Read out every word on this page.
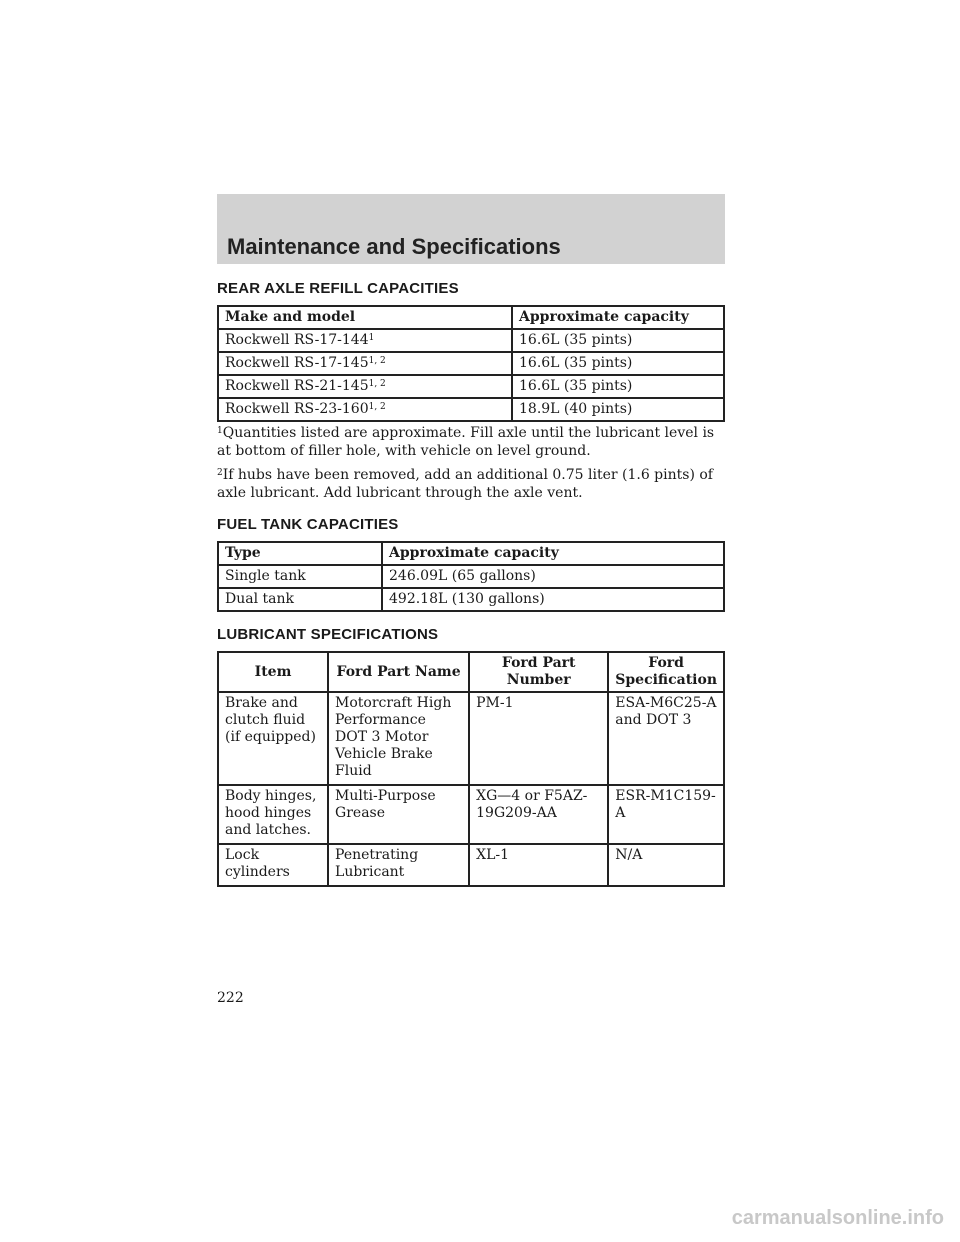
Maintenance and Specifications
REAR AXLE REFILL CAPACITIES
Make and model	Approximate capacity
Rockwell $RS-17-144^1$	16.6L (35 pints)
Rockwell RS-17-145$^{1, 2}$	16.6L (35 pints)
Rockwell RS-21-145$^{1, 2}$	16.6L (35 pints)
Rockwell RS-23-160$^{1, 2}$	18.9L (40 pints)

$^1$Quantities listed are approximate. Fill axle until the lubricant level is at bottom of filler hole, with vehicle on level ground.

$^2$If hubs have been removed, add an additional 0.75 liter (1.6 pints) of axle lubricant. Add lubricant through the axle vent.

FUEL TANK CAPACITIES
Type	Approximate capacity
Single tank	246.09L (65 gallons)
Dual tank	492.18L (130 gallons)
LUBRICANT SPECIFICATIONS
Item	Ford Part Name	Ford Part Number	Ford Specification
Brake and clutch fluid (if equipped)	Motorcraft High Performance DOT 3 Motor Vehicle Brake Fluid	PM-1	ESA-M6C25-A and DOT 3
Body hinges, hood hinges and latches.	Multi-Purpose Grease	XG—4 or F5AZ-19G209-AA	ESR-M1C159-A
Lock cylinders	Penetrating Lubricant	XL-1	N/A
222
carmanualsonline.info
